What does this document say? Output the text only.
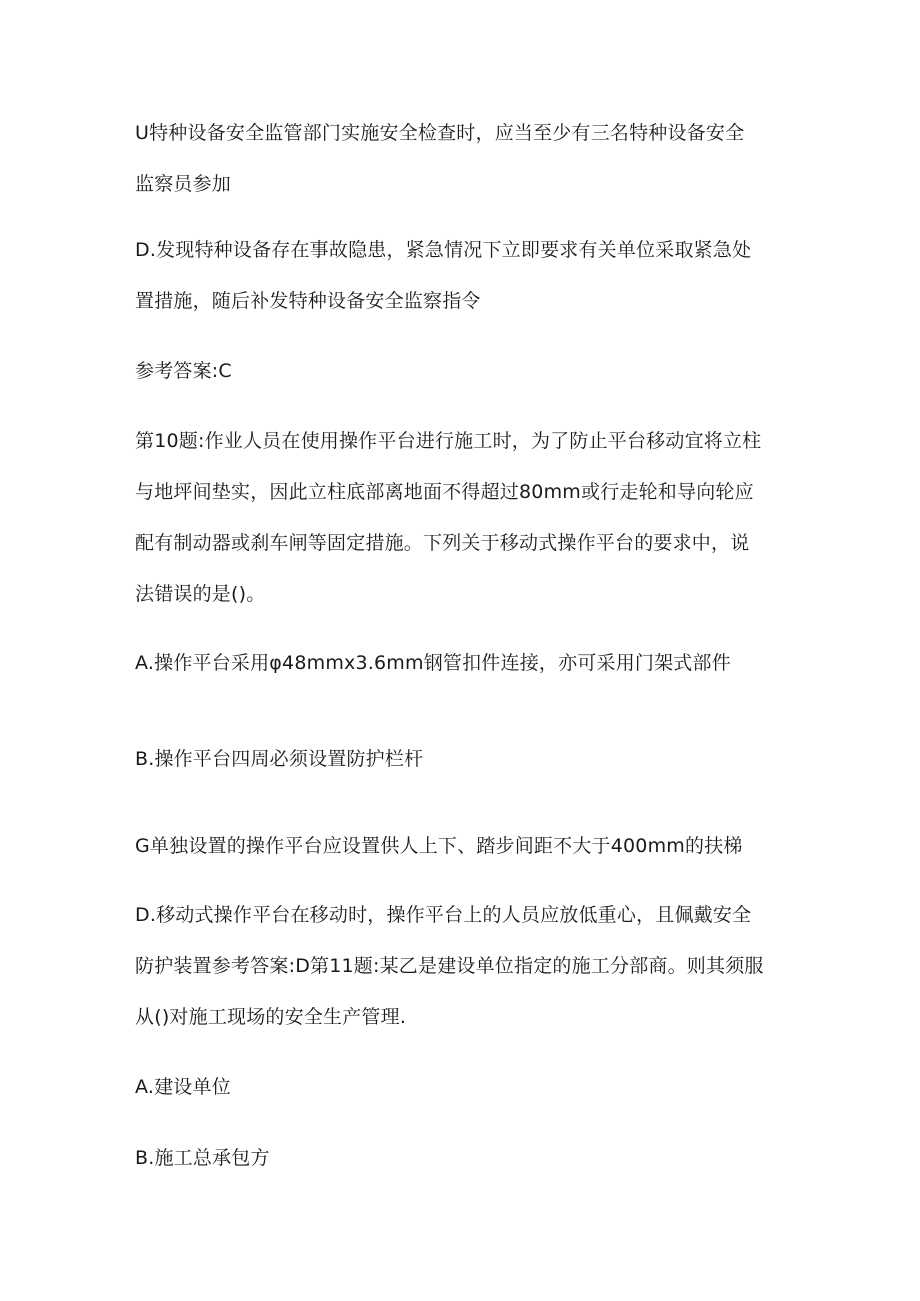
U特种设备安全监管部门实施安全检查时，应当至少有三名特种设备安全
监察员参加

D.发现特种设备存在事故隐患，紧急情况下立即要求有关单位采取紧急处
置措施，随后补发特种设备安全监察指令

参考答案:C

第10题:作业人员在使用操作平台进行施工时，为了防止平台移动宜将立柱
与地坪间垫实，因此立柱底部离地面不得超过80mm或行走轮和导向轮应
配有制动器或刹车闸等固定措施。下列关于移动式操作平台的要求中，说
法错误的是()。

A.操作平台采用φ48mmx3.6mm钢管扣件连接，亦可采用门架式部件

B.操作平台四周必须设置防护栏杆

G单独设置的操作平台应设置供人上下、踏步间距不大于400mm的扶梯

D.移动式操作平台在移动时，操作平台上的人员应放低重心，且佩戴安全
防护装置参考答案:D第11题:某乙是建设单位指定的施工分部商。则其须服
从()对施工现场的安全生产管理.

A.建设单位

B.施工总承包方
